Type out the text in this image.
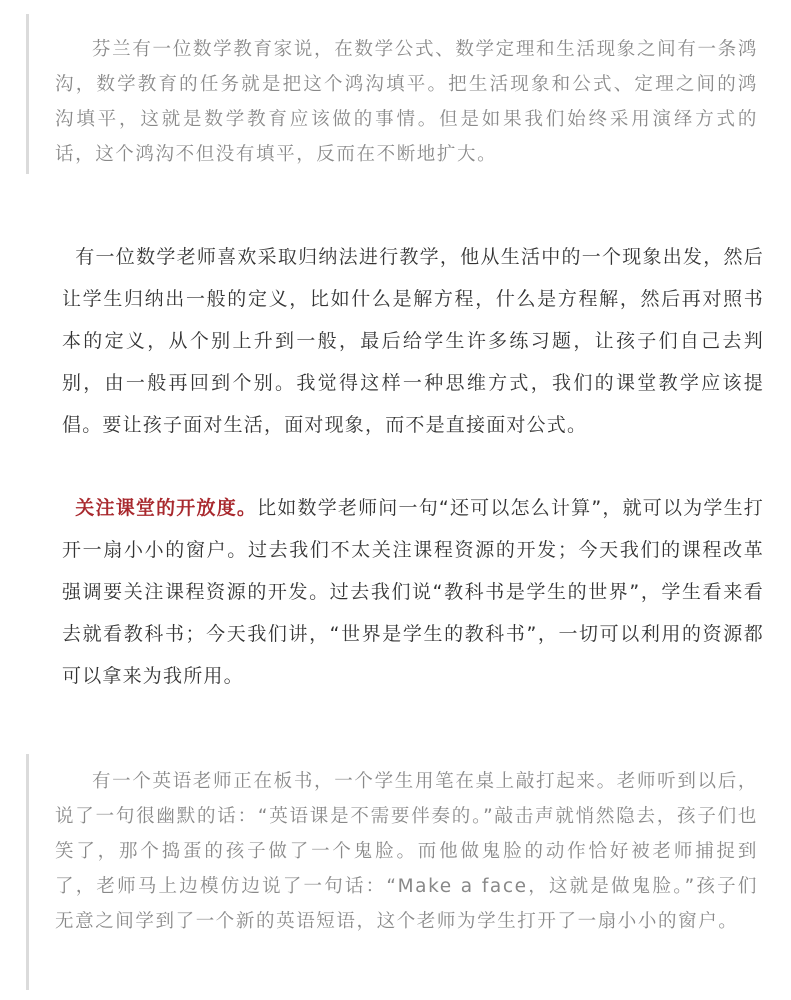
芬兰有一位数学教育家说，在数学公式、数学定理和生活现象之间有一条鸿沟，数学教育的任务就是把这个鸿沟填平。把生活现象和公式、定理之间的鸿沟填平，这就是数学教育应该做的事情。但是如果我们始终采用演绎方式的话，这个鸿沟不但没有填平，反而在不断地扩大。

有一位数学老师喜欢采取归纳法进行教学，他从生活中的一个现象出发，然后让学生归纳出一般的定义，比如什么是解方程，什么是方程解，然后再对照书本的定义，从个别上升到一般，最后给学生许多练习题，让孩子们自己去判别，由一般再回到个别。我觉得这样一种思维方式，我们的课堂教学应该提倡。要让孩子面对生活，面对现象，而不是直接面对公式。

关注课堂的开放度。比如数学老师问一句“还可以怎么计算”，就可以为学生打开一扇小小的窗户。过去我们不太关注课程资源的开发；今天我们的课程改革强调要关注课程资源的开发。过去我们说“教科书是学生的世界”，学生看来看去就看教科书；今天我们讲，“世界是学生的教科书”，一切可以利用的资源都可以拿来为我所用。

有一个英语老师正在板书，一个学生用笔在桌上敲打起来。老师听到以后，说了一句很幽默的话：“英语课是不需要伴奏的。”敲击声就悄然隐去，孩子们也笑了，那个捣蛋的孩子做了一个鬼脸。而他做鬼脸的动作恰好被老师捕捉到了，老师马上边模仿边说了一句话：“Make a face，这就是做鬼脸。”孩子们无意之间学到了一个新的英语短语，这个老师为学生打开了一扇小小的窗户。
